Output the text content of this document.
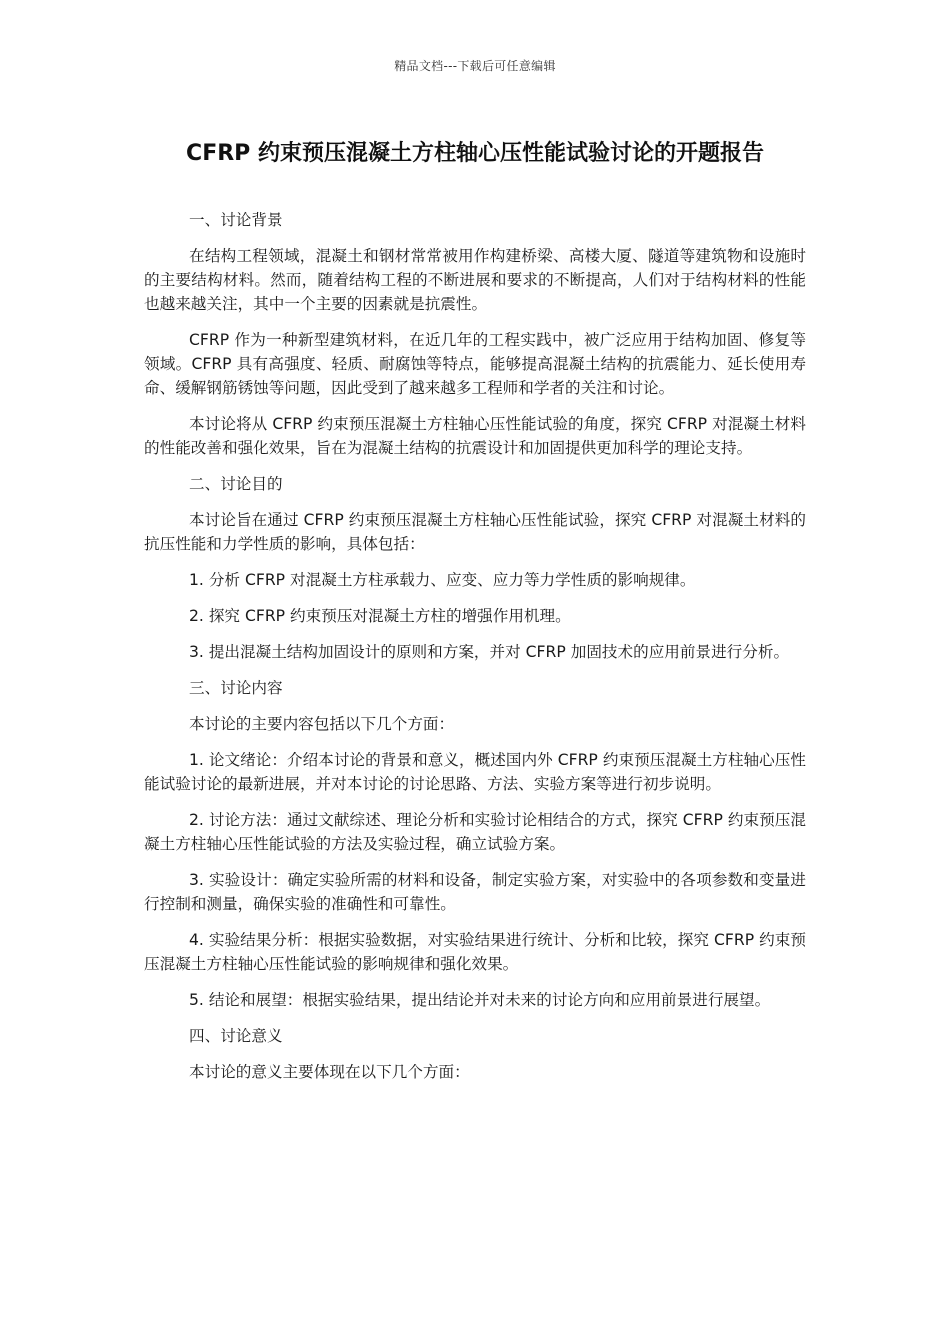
精品文档---下载后可任意编辑
CFRP 约束预压混凝土方柱轴心压性能试验讨论的开题报告

一、讨论背景

在结构工程领域，混凝土和钢材常常被用作构建桥梁、高楼大厦、隧道等建筑物和设施时的主要结构材料。然而，随着结构工程的不断进展和要求的不断提高，人们对于结构材料的性能也越来越关注，其中一个主要的因素就是抗震性。

CFRP 作为一种新型建筑材料，在近几年的工程实践中，被广泛应用于结构加固、修复等领域。CFRP 具有高强度、轻质、耐腐蚀等特点，能够提高混凝土结构的抗震能力、延长使用寿命、缓解钢筋锈蚀等问题，因此受到了越来越多工程师和学者的关注和讨论。

本讨论将从 CFRP 约束预压混凝土方柱轴心压性能试验的角度，探究 CFRP 对混凝土材料的性能改善和强化效果，旨在为混凝土结构的抗震设计和加固提供更加科学的理论支持。

二、讨论目的

本讨论旨在通过 CFRP 约束预压混凝土方柱轴心压性能试验，探究 CFRP 对混凝土材料的抗压性能和力学性质的影响，具体包括：

1. 分析 CFRP 对混凝土方柱承载力、应变、应力等力学性质的影响规律。

2. 探究 CFRP 约束预压对混凝土方柱的增强作用机理。

3. 提出混凝土结构加固设计的原则和方案，并对 CFRP 加固技术的应用前景进行分析。

三、讨论内容

本讨论的主要内容包括以下几个方面：

1. 论文绪论：介绍本讨论的背景和意义，概述国内外 CFRP 约束预压混凝土方柱轴心压性能试验讨论的最新进展，并对本讨论的讨论思路、方法、实验方案等进行初步说明。

2. 讨论方法：通过文献综述、理论分析和实验讨论相结合的方式，探究 CFRP 约束预压混凝土方柱轴心压性能试验的方法及实验过程，确立试验方案。

3. 实验设计：确定实验所需的材料和设备，制定实验方案，对实验中的各项参数和变量进行控制和测量，确保实验的准确性和可靠性。

4. 实验结果分析：根据实验数据，对实验结果进行统计、分析和比较，探究 CFRP 约束预压混凝土方柱轴心压性能试验的影响规律和强化效果。

5. 结论和展望：根据实验结果，提出结论并对未来的讨论方向和应用前景进行展望。

四、讨论意义

本讨论的意义主要体现在以下几个方面：
